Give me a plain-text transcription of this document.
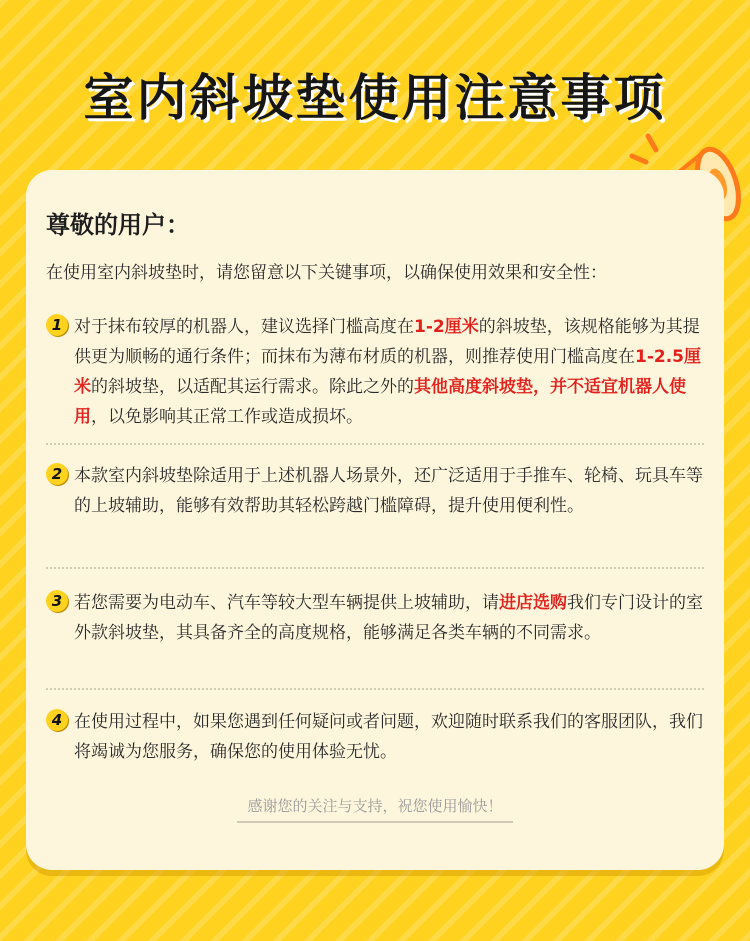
室内斜坡垫使用注意事项
尊敬的用户：
在使用室内斜坡垫时，请您留意以下关键事项，以确保使用效果和安全性：
1 对于抹布较厚的机器人，建议选择门槛高度在1-2厘米的斜坡垫，该规格能够为其提供更为顺畅的通行条件；而抹布为薄布材质的机器，则推荐使用门槛高度在1-2.5厘米的斜坡垫，以适配其运行需求。除此之外的其他高度斜坡垫，并不适宜机器人使用，以免影响其正常工作或造成损坏。
2 本款室内斜坡垫除适用于上述机器人场景外，还广泛适用于手推车、轮椅、玩具车等的上坡辅助，能够有效帮助其轻松跨越门槛障碍，提升使用便利性。
3 若您需要为电动车、汽车等较大型车辆提供上坡辅助，请进店选购我们专门设计的室外款斜坡垫，其具备齐全的高度规格，能够满足各类车辆的不同需求。
4 在使用过程中，如果您遇到任何疑问或者问题，欢迎随时联系我们的客服团队，我们将竭诚为您服务，确保您的使用体验无忧。
感谢您的关注与支持，祝您使用愉快！
